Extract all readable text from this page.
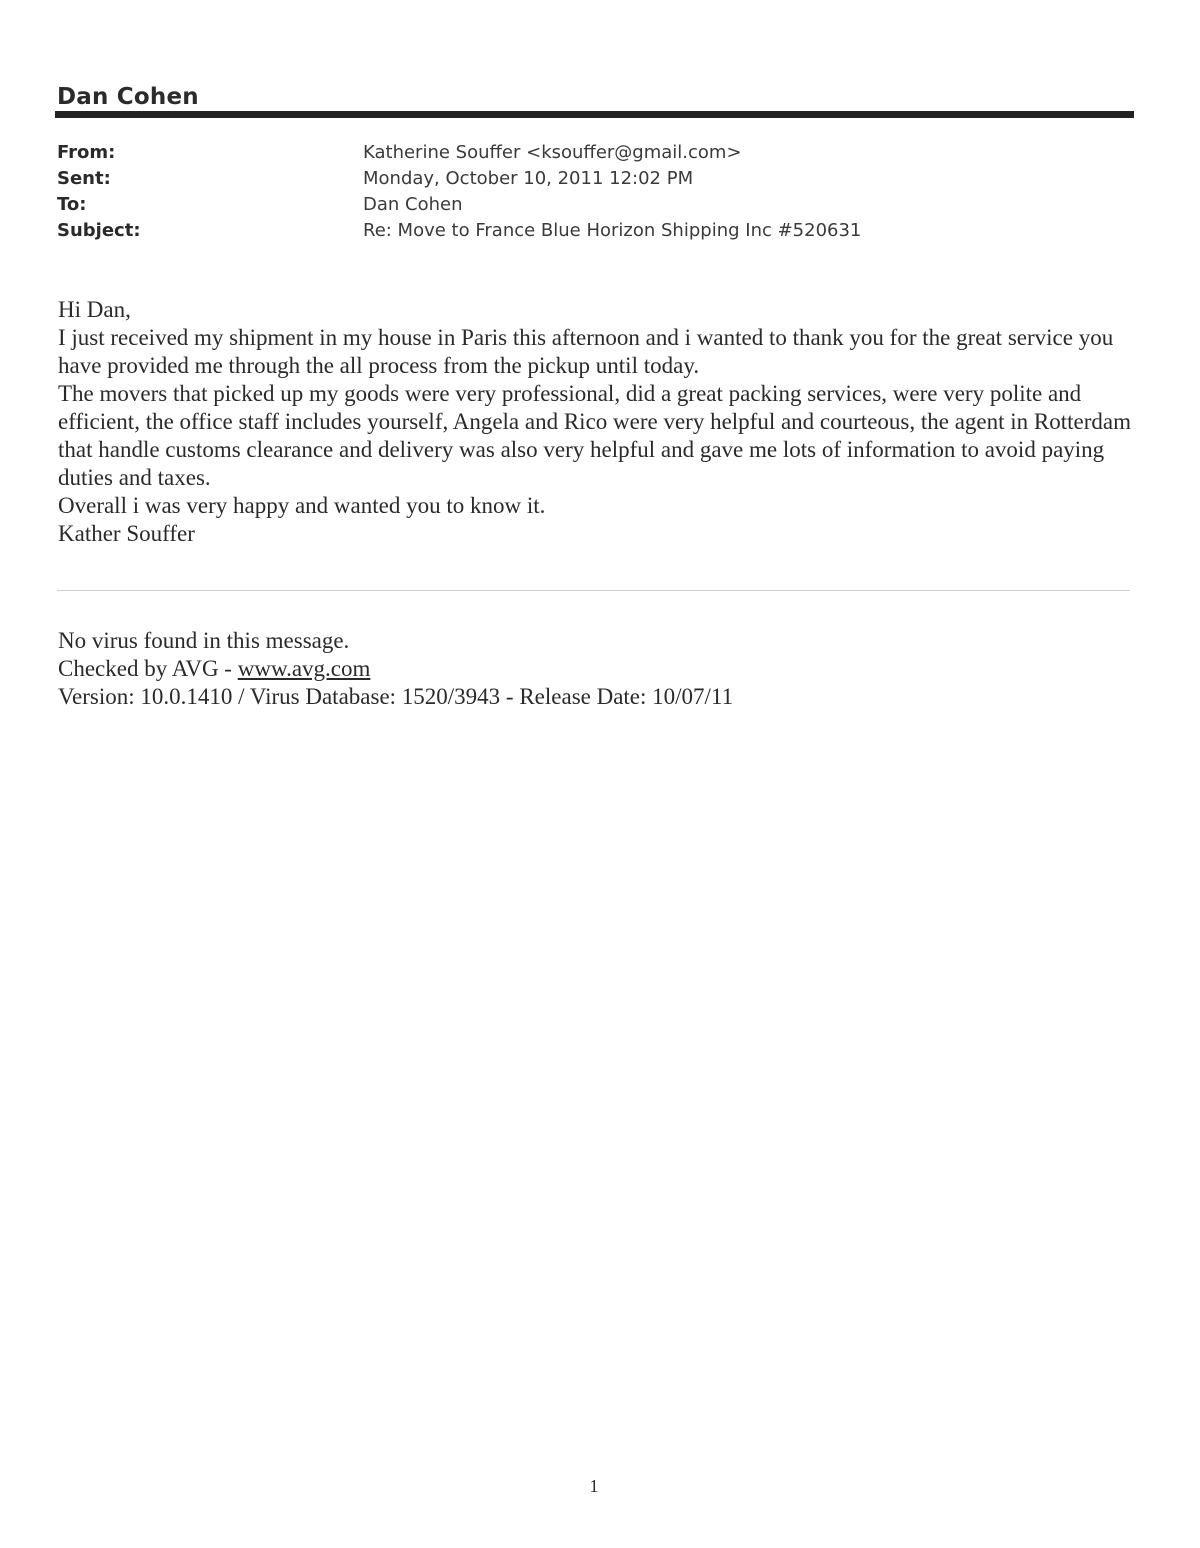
Dan Cohen
From:	Katherine Souffer <ksouffer@gmail.com>
Sent:	Monday, October 10, 2011 12:02 PM
To:	Dan Cohen
Subject:	Re: Move to France Blue Horizon Shipping Inc #520631

Hi Dan,

I just received my shipment in my house in Paris this afternoon and i wanted to thank you for the great service you have provided me through the all process from the pickup until today.

The movers that picked up my goods were very professional, did a great packing services, were very polite and efficient, the office staff includes yourself, Angela and Rico were very helpful and courteous, the agent in Rotterdam that handle customs clearance and delivery was also very helpful and gave me lots of information to avoid paying duties and taxes.

Overall i was very happy and wanted you to know it.

Kather Souffer

No virus found in this message.

Checked by AVG - www.avg.com

Version: 10.0.1410 / Virus Database: 1520/3943 - Release Date: 10/07/11

1
